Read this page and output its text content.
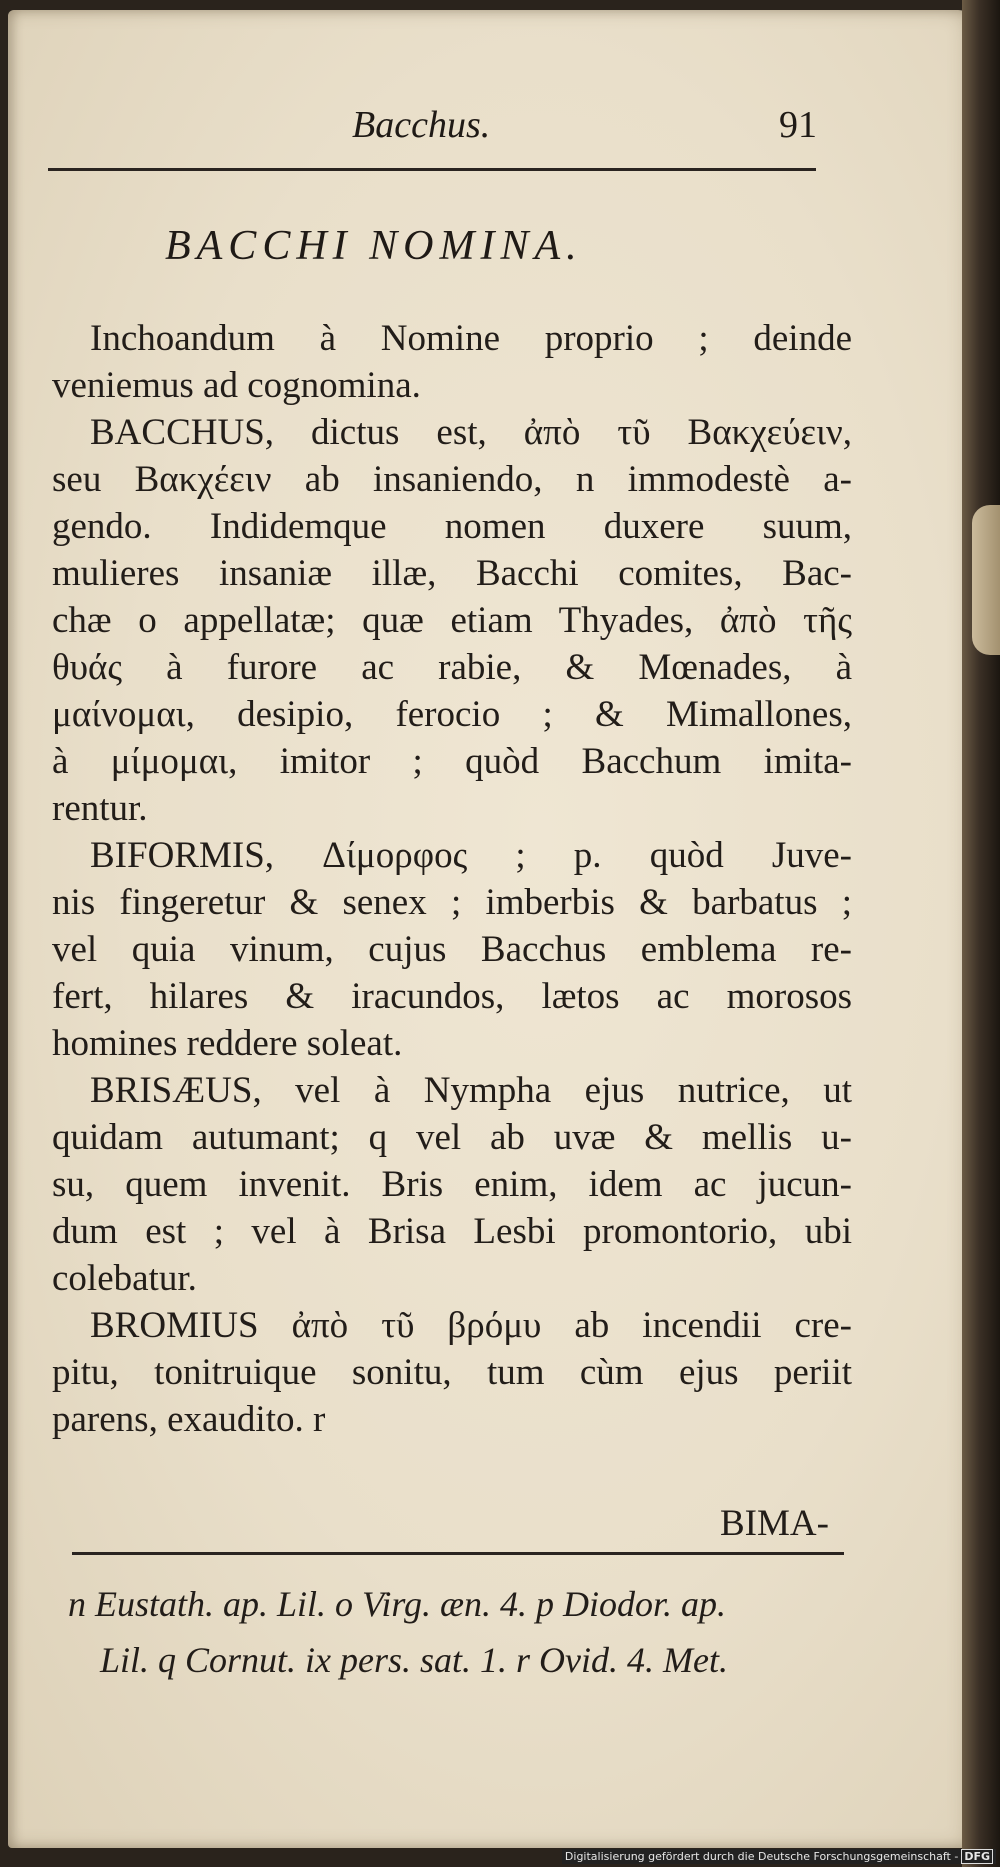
Bacchus.	91
BACCHI NOMINA.
Inchoandum à Nomine proprio ; deinde
veniemus ad cognomina.
BACCHUS, dictus est, ἀπὸ τῦ Βακχεύειν,
seu Βακχέειν ab insaniendo, n immodestè a-
gendo. Indidemque nomen duxere suum,
mulieres insaniæ illæ, Bacchi comites, Bac-
chæ o appellatæ; quæ etiam Thyades, ἀπὸ τῆς
θυάς à furore ac rabie, & Mœnades, à
μαίνομαι, desipio, ferocio ; & Mimallones,
à μίμομαι, imitor ; quòd Bacchum imita-
rentur.
BIFORMIS, Δίμορφος ; p. quòd Juve-
nis fingeretur & senex ; imberbis & barbatus ;
vel quia vinum, cujus Bacchus emblema re-
fert, hilares & iracundos, lætos ac morosos
homines reddere soleat.
BRISÆUS, vel à Nympha ejus nutrice, ut
quidam autumant; q vel ab uvæ & mellis u-
su, quem invenit. Bris enim, idem ac jucun-
dum est ; vel à Brisa Lesbi promontorio, ubi
colebatur.
BROMIUS ἀπὸ τῦ βρόμυ ab incendii cre-
pitu, tonitruique sonitu, tum cùm ejus periit
parens, exaudito. r
BIMA-
n Eustath. ap. Lil. o Virg. æn. 4. p Diodor. ap.
Lil. q Cornut. ix pers. sat. 1. r Ovid. 4. Met.
Digitalisierung gefördert durch die Deutsche Forschungsgemeinschaft - DFG
